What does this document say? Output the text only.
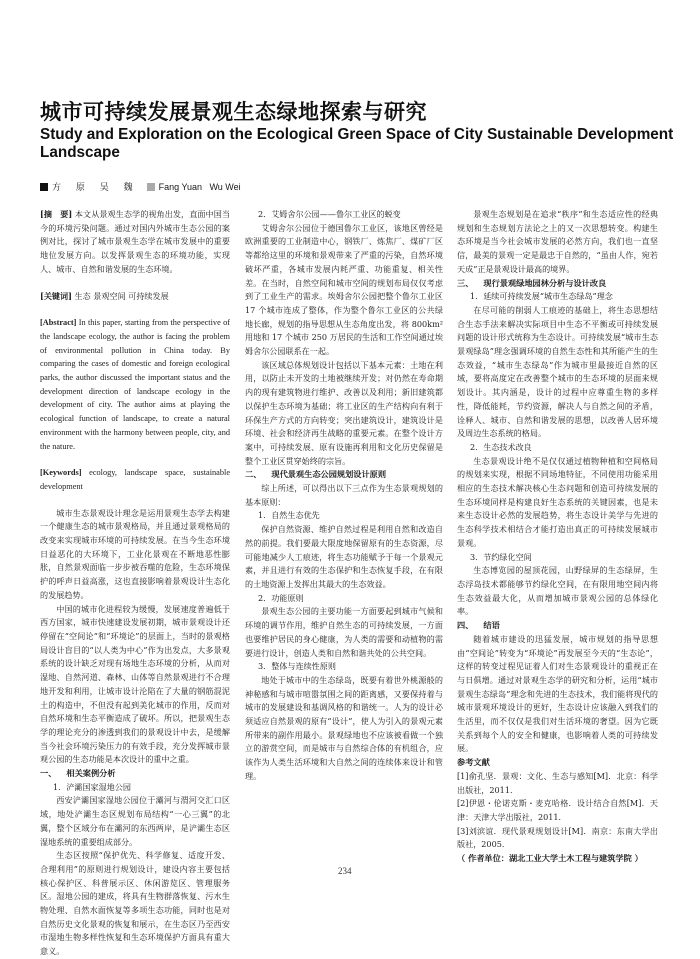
城市可持续发展景观生态绿地探索与研究
Study and Exploration on the Ecological Green Space of City Sustainable Development Landscape
方 原 吴 魏 Fang Yuan   Wu Wei

[摘　要] 本文从景观生态学的视角出发，直面中国当今的环境污染问题。通过对国内外城市生态公园的案例对比，探讨了城市景观生态学在城市发展中的重要地位发展方向。以发挥景观生态的环境功能，实现人、城市、自然和谐发展的生态环境。

[关键词] 生态 景观空间 可持续发展

[Abstract] In this paper, starting from the perspective of the landscape ecology, the author is facing the problem of environmental pollution in China today. By comparing the cases of domestic and foreign ecological parks, the author discussed the important status and the development direction of landscape ecology in the development of city. The author aims at playing the ecological function of landscape, to create a natural environment with the harmony between people, city, and the nature.

[Keywords] ecology, landscape space, sustainable development

城市生态景观设计理念是运用景观生态学去构建一个健康生态的城市景观格局，并且通过景观格局的改变来实现城市环境的可持续发展。在当今生态环境日益恶化的大环境下，工业化景观在不断地恶性膨胀，自然景观面临一步步被吞噬的危险，生态环境保护的呼声日益高涨，这也直接影响着景观设计生态化的发展趋势。

中国的城市化进程较为缓慢，发展速度普遍低于西方国家，城市快速建设发展初期，城市景观设计还停留在“空间论”和“环境论”的层面上，当时的景观格局设计盲目的“以人类为中心”作为出发点，大多景观系统的设计缺乏对现有场地生态环境的分析，从而对湿地、自然河道、森林、山体等自然景观进行不合理地开发和利用，让城市设计沦陷在了大量的钢筋混泥土的构造中，不但没有起到美化城市的作用，反而对自然环境和生态平衡造成了破坏。所以，把景观生态学的理论充分的渗透到我们的景观设计中去，是缓解当今社会环境污染压力的有效手段，充分发挥城市景观公园的生态功能是本次设计的重中之重。

一、 相关案例分析

1．浐灞国家湿地公园

西安浐灞国家湿地公园位于灞河与渭河交汇口区域，地处浐灞生态区规划布局结构“一心三翼”的北翼，整个区域分布在灞河的东西两岸，是浐灞生态区湿地系统的重要组成部分。

生态区按照“保护优先、科学修复、适度开发、合理利用”的原则进行规划设计，建设内容主要包括核心保护区、科普展示区、休闲游览区、管理服务区。湿地公园的建成，将具有生物群落恢复、污水生物处理、自然水面恢复等多项生态功能，同时也是对自然历史文化景观的恢复和展示，在生态区乃至西安市湿地生物多样性恢复和生态环境保护方面具有重大意义。

2．艾姆舍尔公园——鲁尔工业区的蜕变

艾姆舍尔公园位于德国鲁尔工业区，该地区曾经是欧洲重要的工业制造中心，钢铁厂、炼焦厂、煤矿厂区等都给这里的环境和景观带来了严重的污染，自然环境破坏严重，各城市发展内耗严重、功能重复、相关性差。在当时，自然空间和城市空间的规划布局仅仅考虑到了工业生产的需求。埃姆舍尔公园把整个鲁尔工业区 17 个城市连成了整体，作为整个鲁尔工业区的公共绿地长廊，规划的指导思想从生态角度出发，将 800km²用地和 17 个城市 250 万居民的生活和工作空间通过埃姆舍尔公园联系在一起。

该区域总体规划设计包括以下基本元素：土地在利用，以防止未开发的土地被继续开发；对仍然在寿命期内的现有建筑物进行维护、改善以及利用；新旧建筑都以保护生态环境为基础；将工业区的生产结构向有利于环保生产方式的方向转变；突出建筑设计，建筑设计是环境、社会和经济再生战略的重要元素。在整个设计方案中，可持续发展、原有设施再利用和文化历史保留是整个工业区贯穿始终的宗旨。

二、 现代景观生态公园规划设计原则

综上所述，可以得出以下三点作为生态景观规划的基本原则：

1．自然生态优先

保护自然资源、维护自然过程是利用自然和改造自然的前提。我们要最大限度地保留原有的生态资源，尽可能地减少人工痕迹，将生态功能赋予于每一个景观元素，并且进行有效的生态保护和生态恢复手段，在有限的土地资源上发挥出其最大的生态效益。

2．功能原则

景观生态公园的主要功能一方面要起到城市气候和环境的调节作用，维护自然生态的可持续发展，一方面也要维护居民的身心健康，为人类的需要和动植物的需要进行设计，创造人类和自然和谐共处的公共空间。

3．整体与连续性原则

地处于城市中的生态绿岛，既要有着世外桃源般的神秘感和与城市喧嚣氛围之间的距离感，又要保持着与城市的发展建设和基调风格的和谐统一。人为的设计必须适应自然景观的原有“设计”，使人为引入的景观元素所带来的副作用最小。景观绿地也不应该被看做一个独立的游赏空间，而是城市与自然综合体的有机组合，应该作为人类生活环境和大自然之间的连续体来设计和管理。

景观生态规划是在追求“秩序”和生态适应性的经典规划和生态规划方法论之上的又一次思想转变。构建生态环境是当今社会城市发展的必然方向，我们也一直坚信，最美的景观一定是最忠于自然的，“虽由人作，宛若天成”正是景观设计最高的境界。

三、 现行景观绿地园林分析与设计改良

1．延续可持续发展“城市生态绿岛”理念

在尽可能的削弱人工痕迹的基础上，将生态思想结合生态手法来解决实际项目中生态不平衡或可持续发展问题的设计形式统称为生态设计。可持续发展“城市生态景观绿岛”理念强调环境的自然生态性和其所能产生的生态效益，“城市生态绿岛”作为城市里最接近自然的区域，要将高度定在改善整个城市的生态环境的层面来规划设计。其内涵是，设计的过程中应尊重生物的多样性，降低能耗，节约资源，解决人与自然之间的矛盾，诠释人、城市、自然和谐发展的思想，以改善人居环境及周边生态系统的格局。

2．生态技术改良

生态景观设计绝不是仅仅通过植物种植和空间格局的规划来实现，根据不同场地特征，不同使用功能采用相应的生态技术解决核心生态问题和创造可持续发展的生态环境同样是构建良好生态系统的关键因素，也是未来生态设计必然的发展趋势，将生态设计美学与先进的生态科学技术相结合才能打造出真正的可持续发展城市景观。

3．节约绿化空间

生态博览园的屋顶花园，山野绿屏的生态绿屏，生态浮岛技术都能够节约绿化空间，在有限用地空间内将生态效益最大化，从而增加城市景观公园的总体绿化率。

四、 结语

随着城市建设的迅猛发展，城市规划的指导思想由“空间论”转变为“环境论”再发展至今天的“生态论”，这样的转变过程见证着人们对生态景观设计的重视正在与日俱增。通过对景观生态学的研究和分析，运用“城市景观生态绿岛”理念和先进的生态技术，我们能将现代的城市景观环境设计的更好，生态设计应该融入到我们的生活里，而不仅仅是我们对生活环境的奢望。因为它既关系到每个人的安全和健康，也影响着人类的可持续发展。

参考文献

[1]俞孔坚．景观：文化、生态与感知[M]．北京：科学出版社，2011．

[2]伊恩・伦诺克斯・麦克哈格．设计结合自然[M]．天津：天津大学出版社，2011．

[3]刘滨谊．现代景观规划设计[M]．南京：东南大学出版社，2005．

（ 作者单位：湖北工业大学土木工程与建筑学院 ）

234
